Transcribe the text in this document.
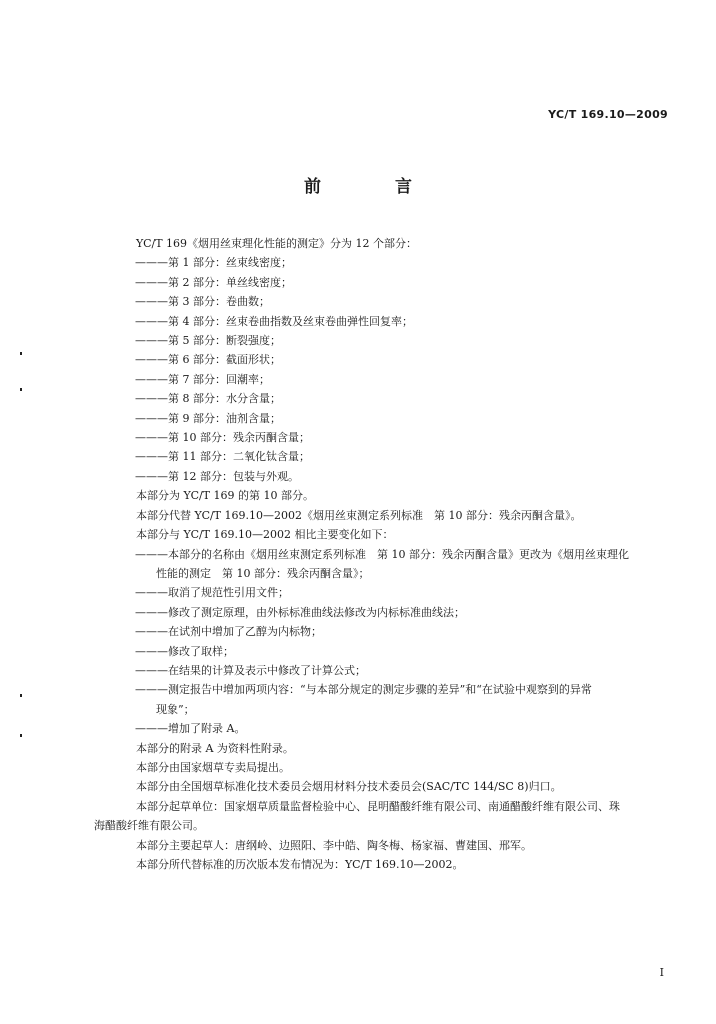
YC/T 169.10—2009
前 言
YC/T 169《烟用丝束理化性能的测定》分为 12 个部分：
———第 1 部分：丝束线密度；
———第 2 部分：单丝线密度；
———第 3 部分：卷曲数；
———第 4 部分：丝束卷曲指数及丝束卷曲弹性回复率；
———第 5 部分：断裂强度；
———第 6 部分：截面形状；
———第 7 部分：回潮率；
———第 8 部分：水分含量；
———第 9 部分：油剂含量；
———第 10 部分：残余丙酮含量；
———第 11 部分：二氧化钛含量；
———第 12 部分：包装与外观。
本部分为 YC/T 169 的第 10 部分。
本部分代替 YC/T 169.10—2002《烟用丝束测定系列标准　第 10 部分：残余丙酮含量》。
本部分与 YC/T 169.10—2002 相比主要变化如下：
———本部分的名称由《烟用丝束测定系列标准　第 10 部分：残余丙酮含量》更改为《烟用丝束理化
性能的测定　第 10 部分：残余丙酮含量》；
———取消了规范性引用文件；
———修改了测定原理，由外标标准曲线法修改为内标标准曲线法；
———在试剂中增加了乙醇为内标物；
———修改了取样；
———在结果的计算及表示中修改了计算公式；
———测定报告中增加两项内容：“与本部分规定的测定步骤的差异”和“在试验中观察到的异常
现象”；
———增加了附录 A。
本部分的附录 A 为资料性附录。
本部分由国家烟草专卖局提出。
本部分由全国烟草标准化技术委员会烟用材料分技术委员会(SAC/TC 144/SC 8)归口。
本部分起草单位：国家烟草质量监督检验中心、昆明醋酸纤维有限公司、南通醋酸纤维有限公司、珠
海醋酸纤维有限公司。
本部分主要起草人：唐纲岭、边照阳、李中皓、陶冬梅、杨家福、曹建国、邢军。
本部分所代替标准的历次版本发布情况为：YC/T 169.10—2002。
I
